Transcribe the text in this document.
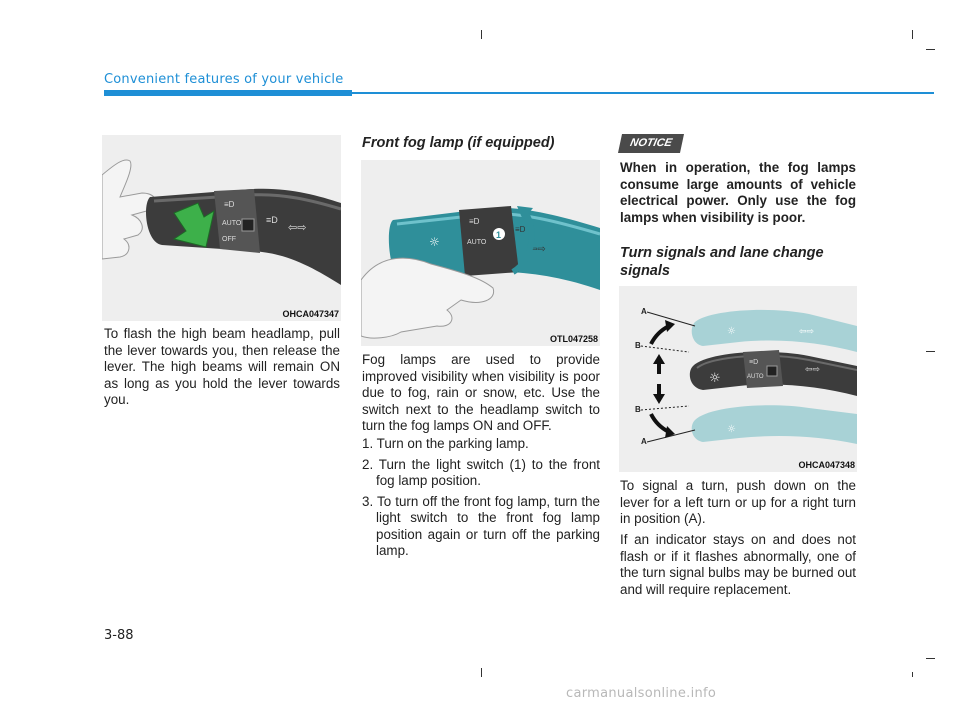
Convenient features of your vehicle
≡D
AUTO
OFF
≡D
⇦⇨
OHCA047347
To flash the high beam headlamp, pull the lever towards you, then release the lever. The high beams will remain ON as long as you hold the lever towards you.
Front fog lamp (if equipped)
☼
≡D
AUTO
1
≡D
⇦⇨
OTL047258
Fog lamps are used to provide improved visibility when visibility is poor due to fog, rain or snow, etc. Use the switch next to the headlamp switch to turn the fog lamps ON and OFF.
1. Turn on the parking lamp.
2. Turn the light switch (1) to the front fog lamp position.
3. To turn off the front fog lamp, turn the light switch to the front fog lamp position again or turn off the parking lamp.
NOTICE
When in operation, the fog lamps consume large amounts of vehicle electrical power. Only use the fog lamps when visibility is poor.
Turn signals and lane change signals
☼	⇦⇨
☼
☼
≡D
AUTO
⇦⇨
A
B
B
A
OHCA047348
To signal a turn, push down on the lever for a left turn or up for a right turn in position (A).
If an indicator stays on and does not flash or if it flashes abnormally, one of the turn signal bulbs may be burned out and will require replacement.
3-88
carmanualsonline.info
